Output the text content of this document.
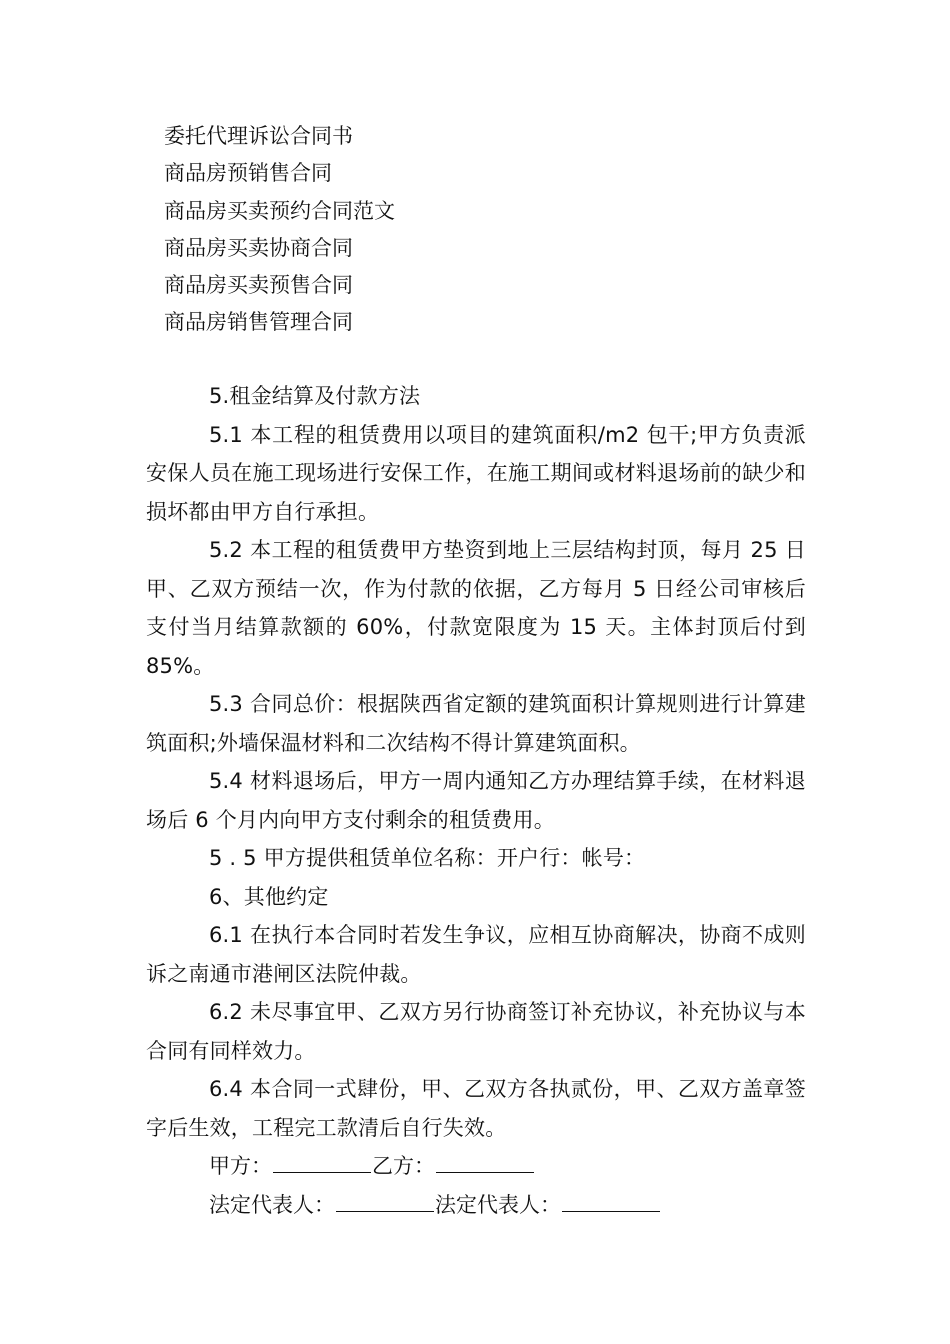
委托代理诉讼合同书
商品房预销售合同
商品房买卖预约合同范文
商品房买卖协商合同
商品房买卖预售合同
商品房销售管理合同

5.租金结算及付款方法

5.1 本工程的租赁费用以项目的建筑面积/m2 包干;甲方负责派安保人员在施工现场进行安保工作，在施工期间或材料退场前的缺少和损坏都由甲方自行承担。

5.2 本工程的租赁费甲方垫资到地上三层结构封顶，每月 25 日甲、乙双方预结一次，作为付款的依据，乙方每月 5 日经公司审核后支付当月结算款额的 60%，付款宽限度为 15 天。主体封顶后付到 85%。

5.3 合同总价：根据陕西省定额的建筑面积计算规则进行计算建筑面积;外墙保温材料和二次结构不得计算建筑面积。

5.4 材料退场后，甲方一周内通知乙方办理结算手续，在材料退场后 6 个月内向甲方支付剩余的租赁费用。

5 . 5 甲方提供租赁单位名称：开户行：帐号：

6、其他约定

6.1 在执行本合同时若发生争议，应相互协商解决，协商不成则诉之南通市港闸区法院仲裁。

6.2 未尽事宜甲、乙双方另行协商签订补充协议，补充协议与本合同有同样效力。

6.4 本合同一式肆份，甲、乙双方各执贰份，甲、乙双方盖章签字后生效，工程完工款清后自行失效。

甲方：	乙方：

法定代表人：	法定代表人：
